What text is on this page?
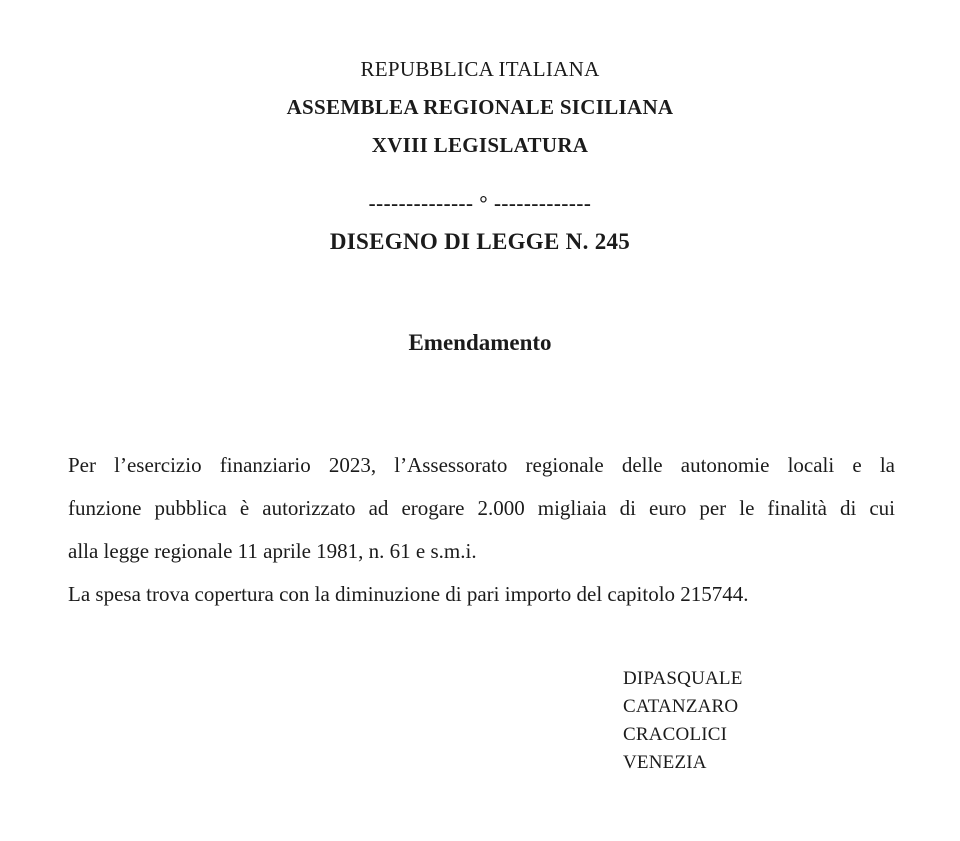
REPUBBLICA ITALIANA
ASSEMBLEA REGIONALE SICILIANA
XVIII LEGISLATURA
-------------- ° -------------
DISEGNO DI LEGGE N. 245
Emendamento
Per l’esercizio finanziario 2023, l’Assessorato regionale delle autonomie locali e la
funzione pubblica è autorizzato ad erogare 2.000 migliaia di euro per le finalità di cui
alla legge regionale 11 aprile 1981, n. 61 e s.m.i.
La spesa trova copertura con la diminuzione di pari importo del capitolo 215744.
DIPASQUALE
CATANZARO
CRACOLICI
VENEZIA
